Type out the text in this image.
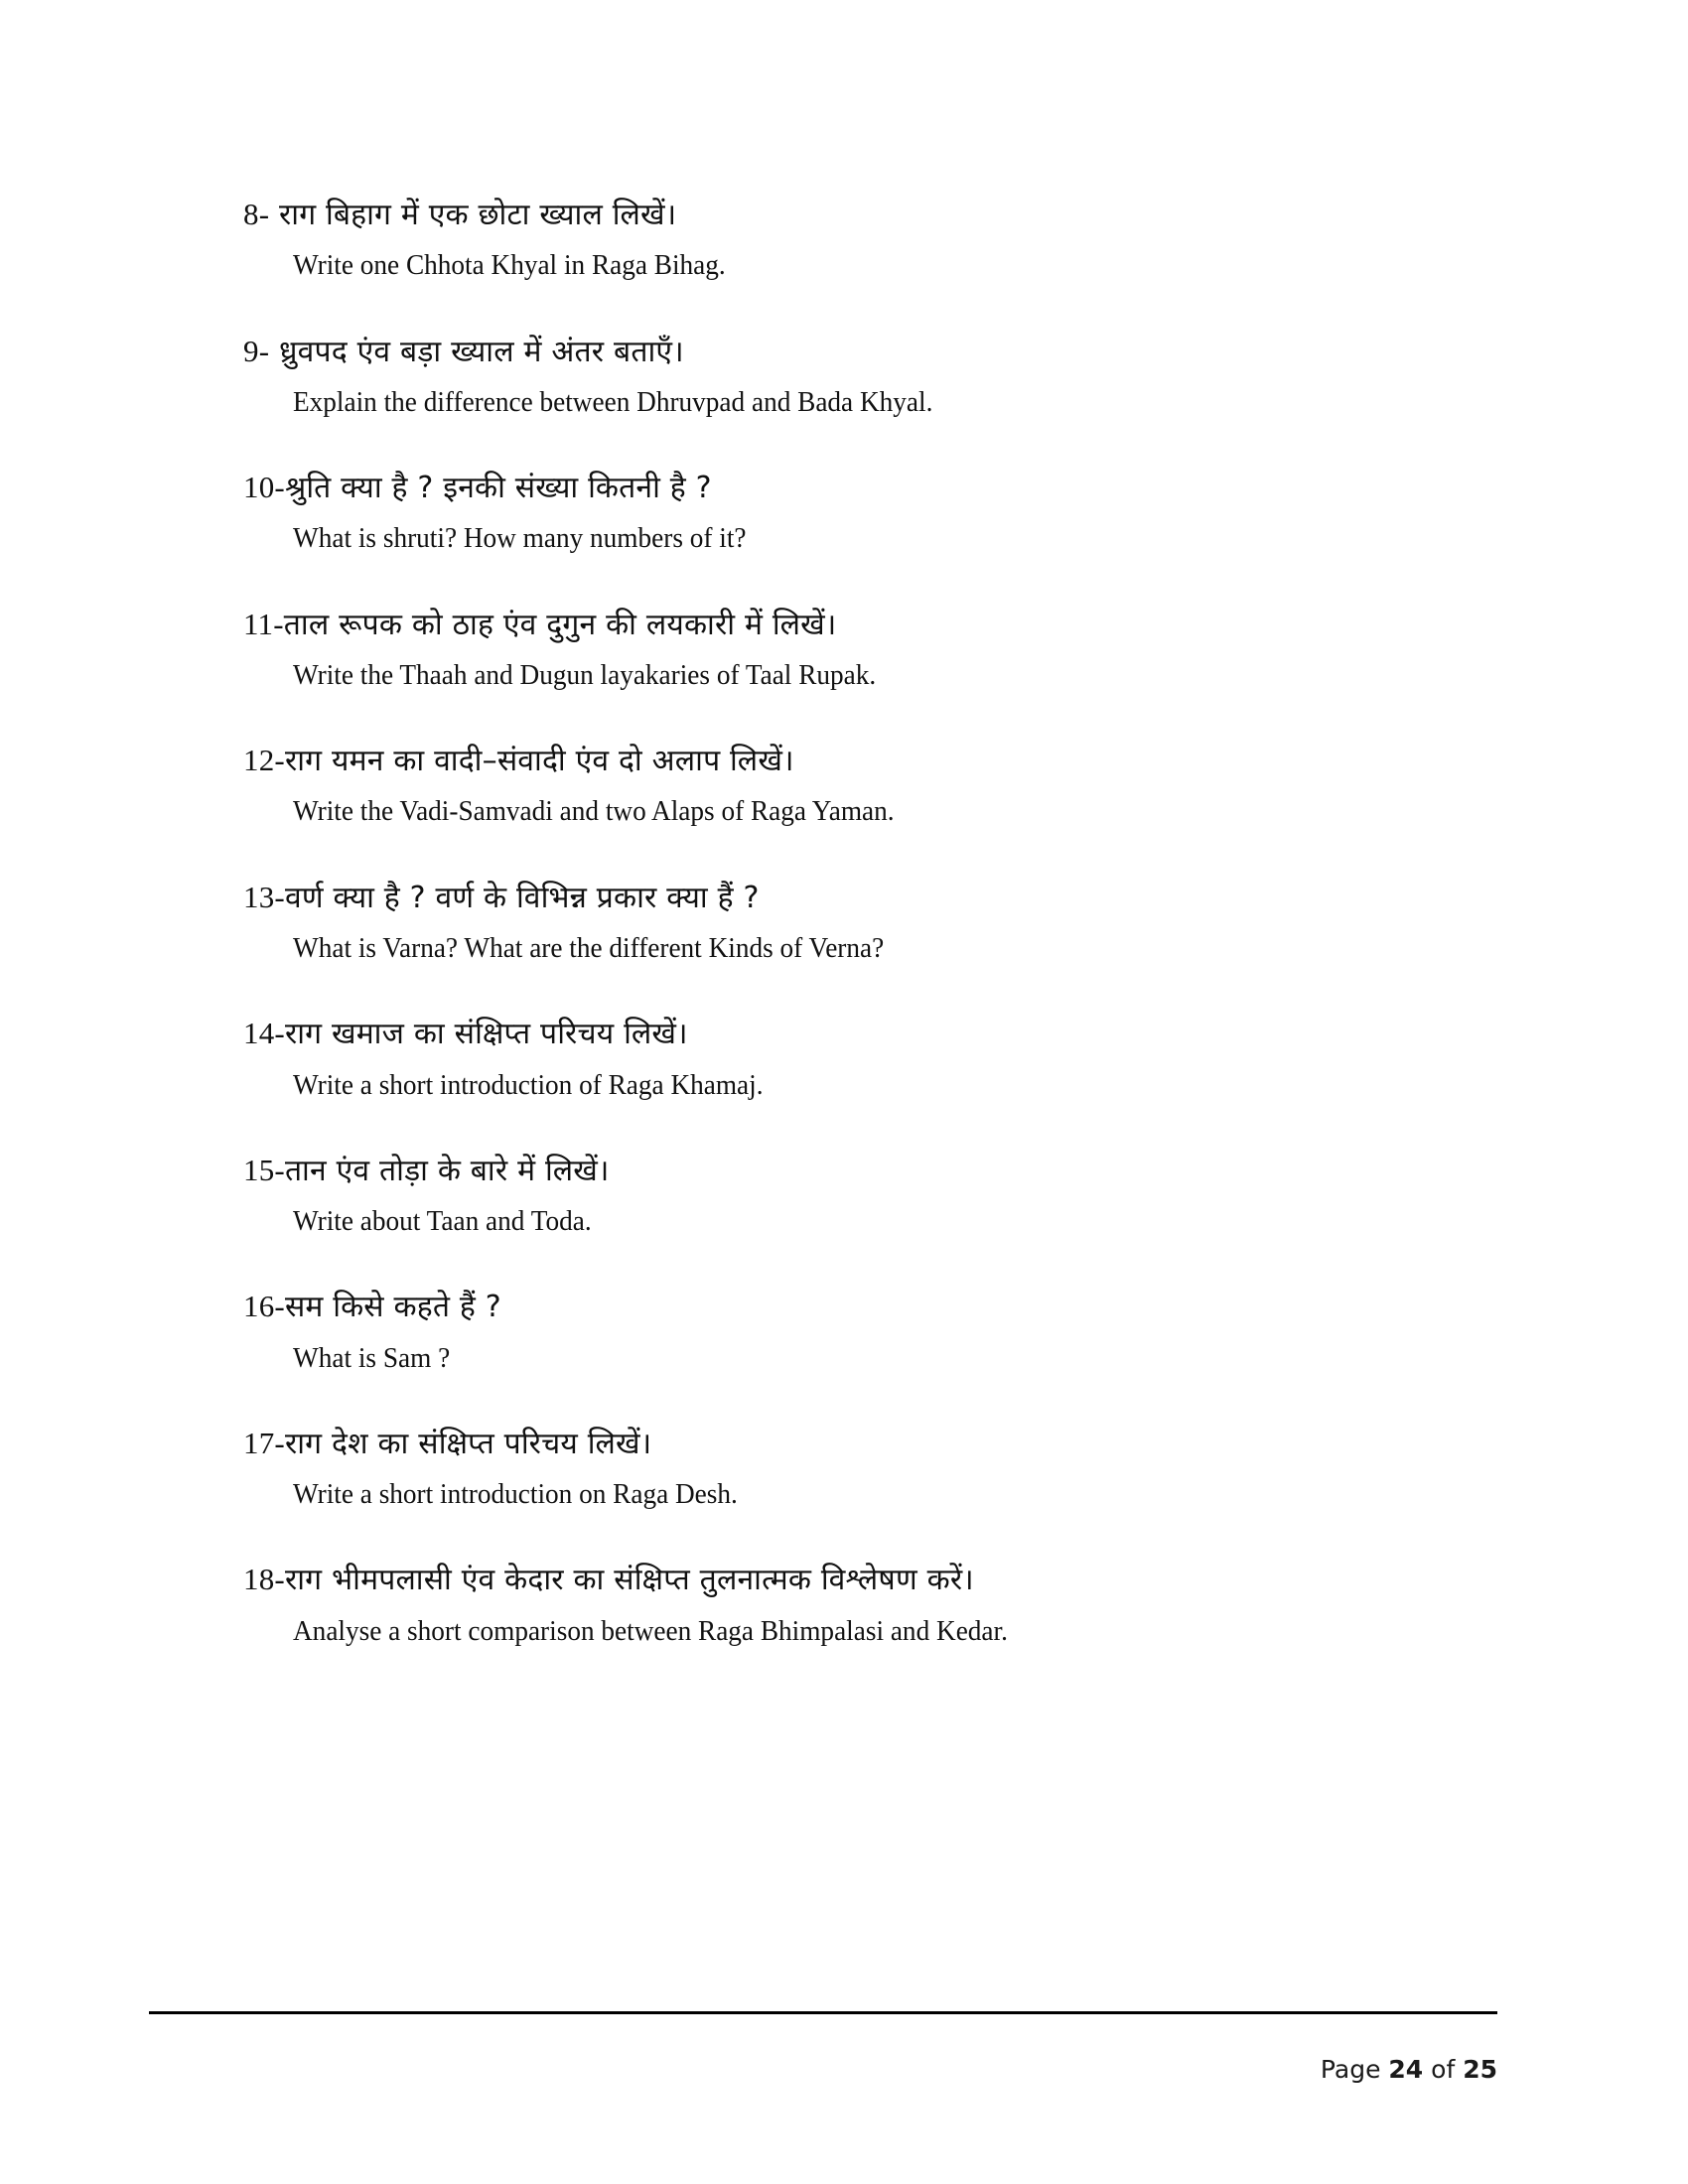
8- राग बिहाग में एक छोटा ख्याल लिखें।
Write one Chhota Khyal in Raga Bihag.
9- ध्रुवपद एंव बड़ा ख्याल में अंतर बताएँ।
Explain the difference between Dhruvpad and Bada Khyal.
10-श्रुति क्या है ? इनकी संख्या कितनी है ?
What is shruti? How many numbers of it?
11-ताल रूपक को ठाह एंव दुगुन की लयकारी में लिखें।
Write the Thaah and Dugun layakaries of Taal Rupak.
12-राग यमन का वादी–संवादी एंव दो अलाप लिखें।
Write the Vadi-Samvadi and two Alaps of Raga Yaman.
13-वर्ण क्या है ? वर्ण के विभिन्न प्रकार क्या हैं ?
What is Varna? What are the different Kinds of Verna?
14-राग खमाज का संक्षिप्त परिचय लिखें।
Write a short introduction of Raga Khamaj.
15-तान एंव तोड़ा के बारे में लिखें।
Write about Taan and Toda.
16-सम किसे कहते हैं ?
What is Sam ?
17-राग देश का संक्षिप्त परिचय लिखें।
Write a short introduction on Raga Desh.
18-राग भीमपलासी एंव केदार का संक्षिप्त तुलनात्मक विश्लेषण करें।
Analyse a short comparison between Raga Bhimpalasi and Kedar.

Page 24 of 25
